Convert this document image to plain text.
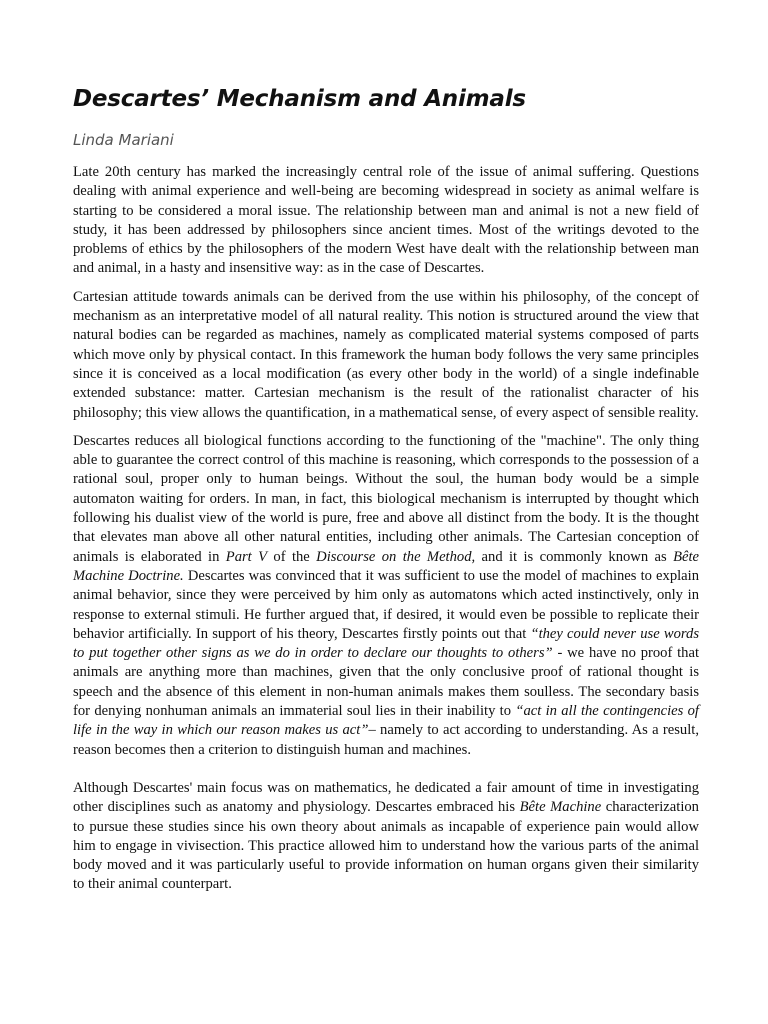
Descartes’ Mechanism and Animals
Linda Mariani

Late 20th century has marked the increasingly central role of the issue of animal suffering. Questions dealing with animal experience and well-being are becoming widespread in society as animal welfare is starting to be considered a moral issue. The relationship between man and animal is not a new field of study, it has been addressed by philosophers since ancient times. Most of the writings devoted to the problems of ethics by the philosophers of the modern West have dealt with the relationship between man and animal, in a hasty and insensitive way: as in the case of Descartes.

Cartesian attitude towards animals can be derived from the use within his philosophy, of the concept of mechanism as an interpretative model of all natural reality. This notion is structured around the view that natural bodies can be regarded as machines, namely as complicated material systems composed of parts which move only by physical contact. In this framework the human body follows the very same principles since it is conceived as a local modification (as every other body in the world) of a single indefinable extended substance: matter. Cartesian mechanism is the result of the rationalist character of his philosophy; this view allows the quantification, in a mathematical sense, of every aspect of sensible reality.

Descartes reduces all biological functions according to the functioning of the "machine". The only thing able to guarantee the correct control of this machine is reasoning, which corresponds to the possession of a rational soul, proper only to human beings. Without the soul, the human body would be a simple automaton waiting for orders. In man, in fact, this biological mechanism is interrupted by thought which following his dualist view of the world is pure, free and above all distinct from the body. It is the thought that elevates man above all other natural entities, including other animals. The Cartesian conception of animals is elaborated in Part V of the Discourse on the Method, and it is commonly known as Bête Machine Doctrine. Descartes was convinced that it was sufficient to use the model of machines to explain animal behavior, since they were perceived by him only as automatons which acted instinctively, only in response to external stimuli. He further argued that, if desired, it would even be possible to replicate their behavior artificially. In support of his theory, Descartes firstly points out that “they could never use words to put together other signs as we do in order to declare our thoughts to others” - we have no proof that animals are anything more than machines, given that the only conclusive proof of rational thought is speech and the absence of this element in non-human animals makes them soulless. The secondary basis for denying nonhuman animals an immaterial soul lies in their inability to “act in all the contingencies of life in the way in which our reason makes us act”– namely to act according to understanding. As a result, reason becomes then a criterion to distinguish human and machines.

Although Descartes' main focus was on mathematics, he dedicated a fair amount of time in investigating other disciplines such as anatomy and physiology. Descartes embraced his Bête Machine characterization to pursue these studies since his own theory about animals as incapable of experience pain would allow him to engage in vivisection. This practice allowed him to understand how the various parts of the animal body moved and it was particularly useful to provide information on human organs given their similarity to their animal counterpart.
